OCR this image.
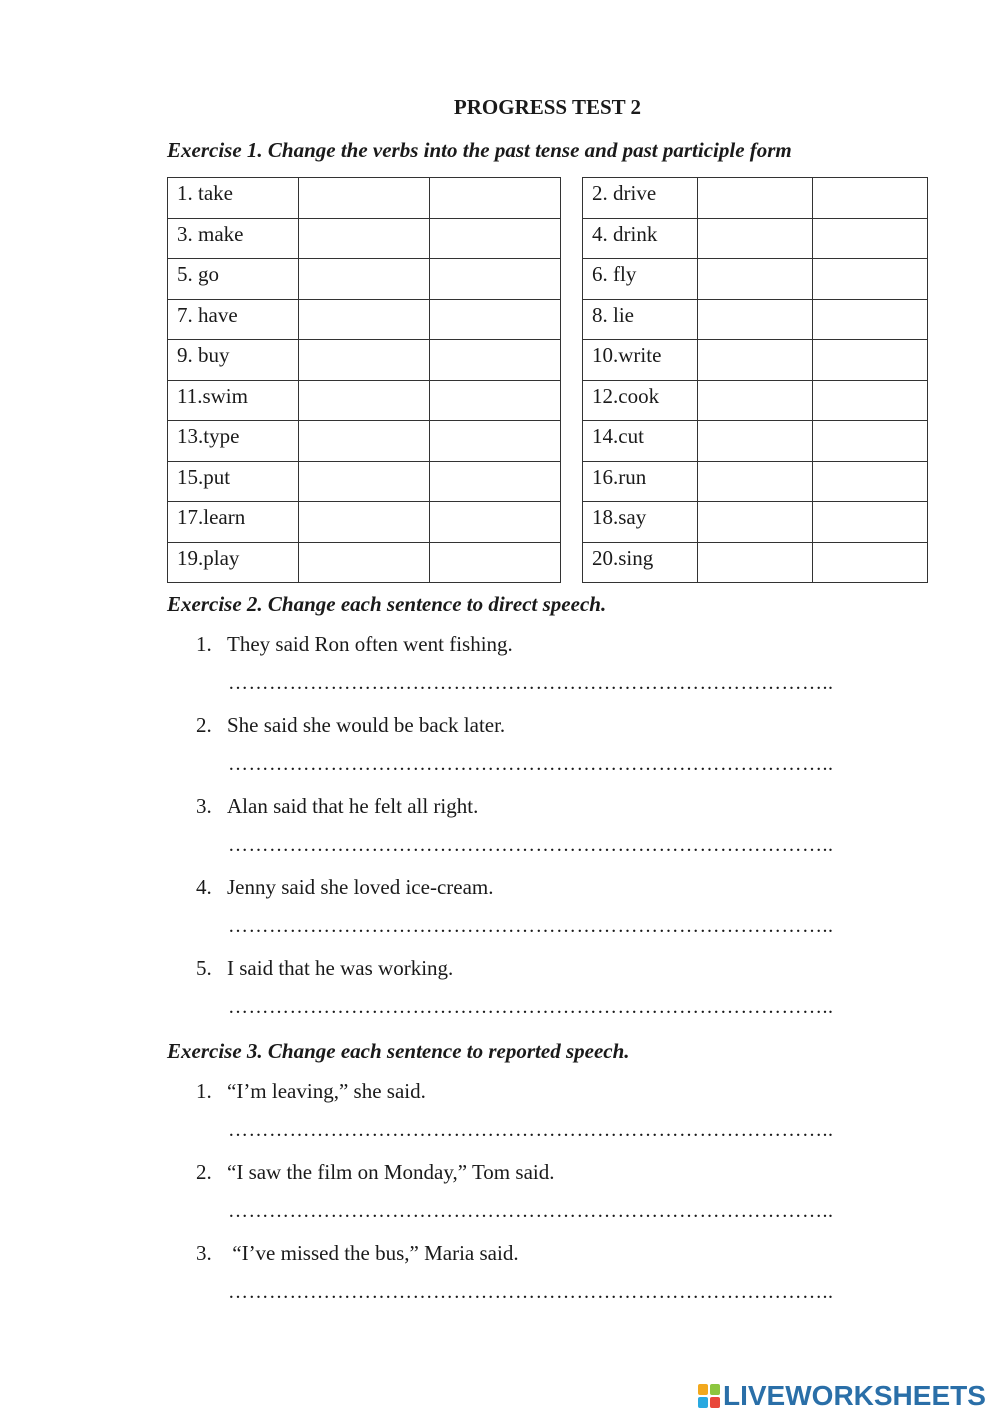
PROGRESS TEST 2
Exercise 1. Change the verbs into the past tense and past participle form
1. take		
3. make		
5. go		
7. have		
9. buy		
11.swim		
13.type		
15.put		
17.learn		
19.play		
2. drive		
4. drink		
6. fly		
8. lie		
10.write		
12.cook		
14.cut		
16.run		
18.say		
20.sing		
Exercise 2. Change each sentence to direct speech.
1. They said Ron often went fishing.
……………………………………………………………………………..
2. She said she would be back later.
……………………………………………………………………………..
3. Alan said that he felt all right.
……………………………………………………………………………..
4. Jenny said she loved ice-cream.
……………………………………………………………………………..
5. I said that he was working.
……………………………………………………………………………..
Exercise 3. Change each sentence to reported speech.
1. “I’m leaving,” she said.
……………………………………………………………………………..
2. “I saw the film on Monday,” Tom said.
……………………………………………………………………………..
3. “I’ve missed the bus,” Maria said.
……………………………………………………………………………..
LIVEWORKSHEETS
